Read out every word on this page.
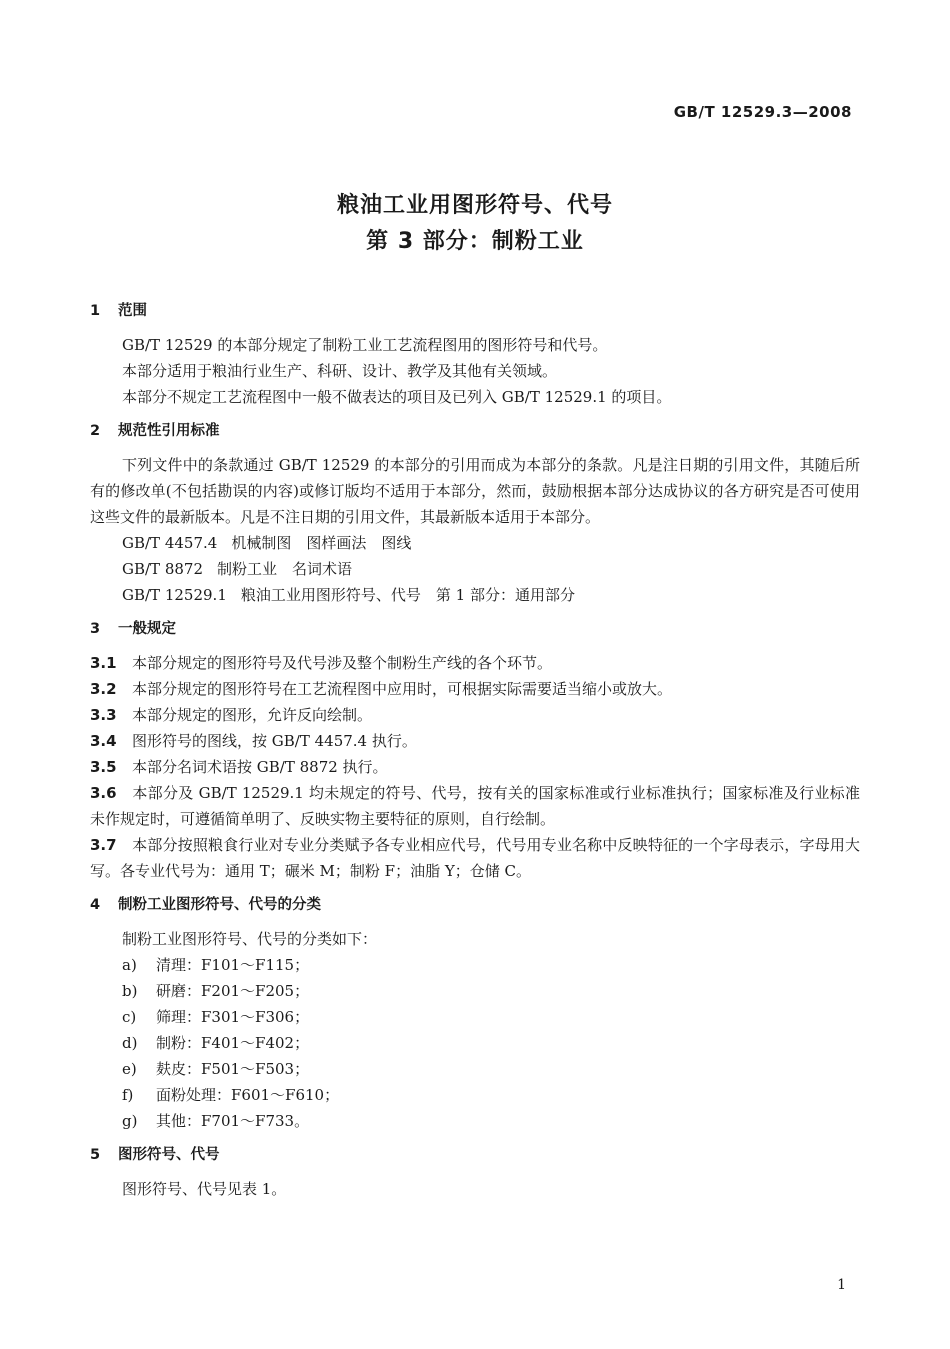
GB/T 12529.3—2008
粮油工业用图形符号、代号
第 3 部分：制粉工业
1 范围

GB/T 12529 的本部分规定了制粉工业工艺流程图用的图形符号和代号。

本部分适用于粮油行业生产、科研、设计、教学及其他有关领域。

本部分不规定工艺流程图中一般不做表达的项目及已列入 GB/T 12529.1 的项目。

2 规范性引用标准

下列文件中的条款通过 GB/T 12529 的本部分的引用而成为本部分的条款。凡是注日期的引用文件，其随后所有的修改单(不包括勘误的内容)或修订版均不适用于本部分，然而，鼓励根据本部分达成协议的各方研究是否可使用这些文件的最新版本。凡是不注日期的引用文件，其最新版本适用于本部分。

GB/T 4457.4 机械制图　图样画法　图线

GB/T 8872 制粉工业　名词术语

GB/T 12529.1 粮油工业用图形符号、代号　第 1 部分：通用部分

3 一般规定

3.1 本部分规定的图形符号及代号涉及整个制粉生产线的各个环节。

3.2 本部分规定的图形符号在工艺流程图中应用时，可根据实际需要适当缩小或放大。

3.3 本部分规定的图形，允许反向绘制。

3.4 图形符号的图线，按 GB/T 4457.4 执行。

3.5 本部分名词术语按 GB/T 8872 执行。

3.6 本部分及 GB/T 12529.1 均未规定的符号、代号，按有关的国家标准或行业标准执行；国家标准及行业标准未作规定时，可遵循简单明了、反映实物主要特征的原则，自行绘制。

3.7 本部分按照粮食行业对专业分类赋予各专业相应代号，代号用专业名称中反映特征的一个字母表示，字母用大写。各专业代号为：通用 T；碾米 M；制粉 F；油脂 Y；仓储 C。

4 制粉工业图形符号、代号的分类

制粉工业图形符号、代号的分类如下：

a) 清理：F101～F115；

b) 研磨：F201～F205；

c) 筛理：F301～F306；

d) 制粉：F401～F402；

e) 麸皮：F501～F503；

f) 面粉处理：F601～F610；

g) 其他：F701～F733。

5 图形符号、代号

图形符号、代号见表 1。

1
